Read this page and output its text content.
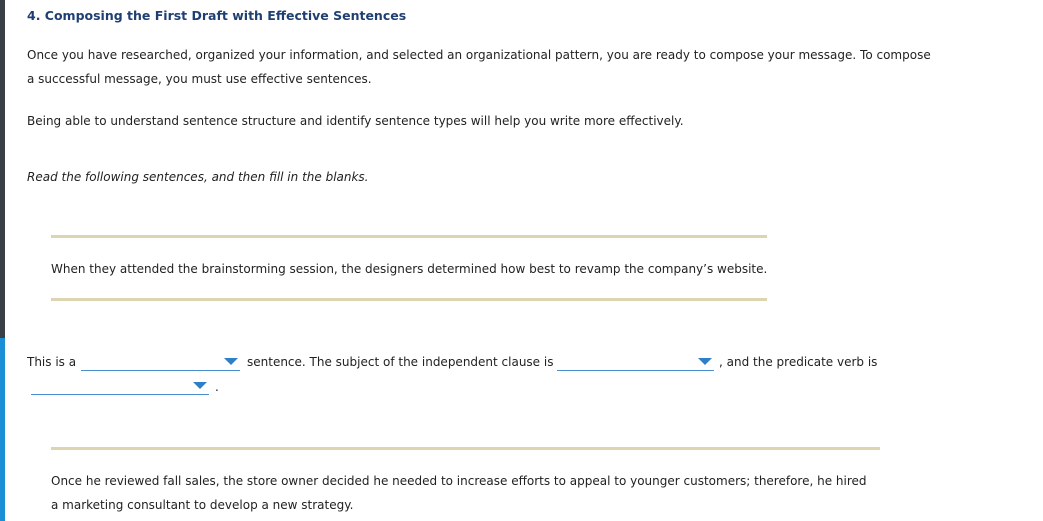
4. Composing the First Draft with Effective Sentences
Once you have researched, organized your information, and selected an organizational pattern, you are ready to compose your message. To compose
a successful message, you must use effective sentences.
Being able to understand sentence structure and identify sentence types will help you write more effectively.
Read the following sentences, and then fill in the blanks.
When they attended the brainstorming session, the designers determined how best to revamp the company’s website.
This is a	sentence. The subject of the independent clause is	, and the predicate verb is
.
Once he reviewed fall sales, the store owner decided he needed to increase efforts to appeal to younger customers; therefore, he hired
a marketing consultant to develop a new strategy.
